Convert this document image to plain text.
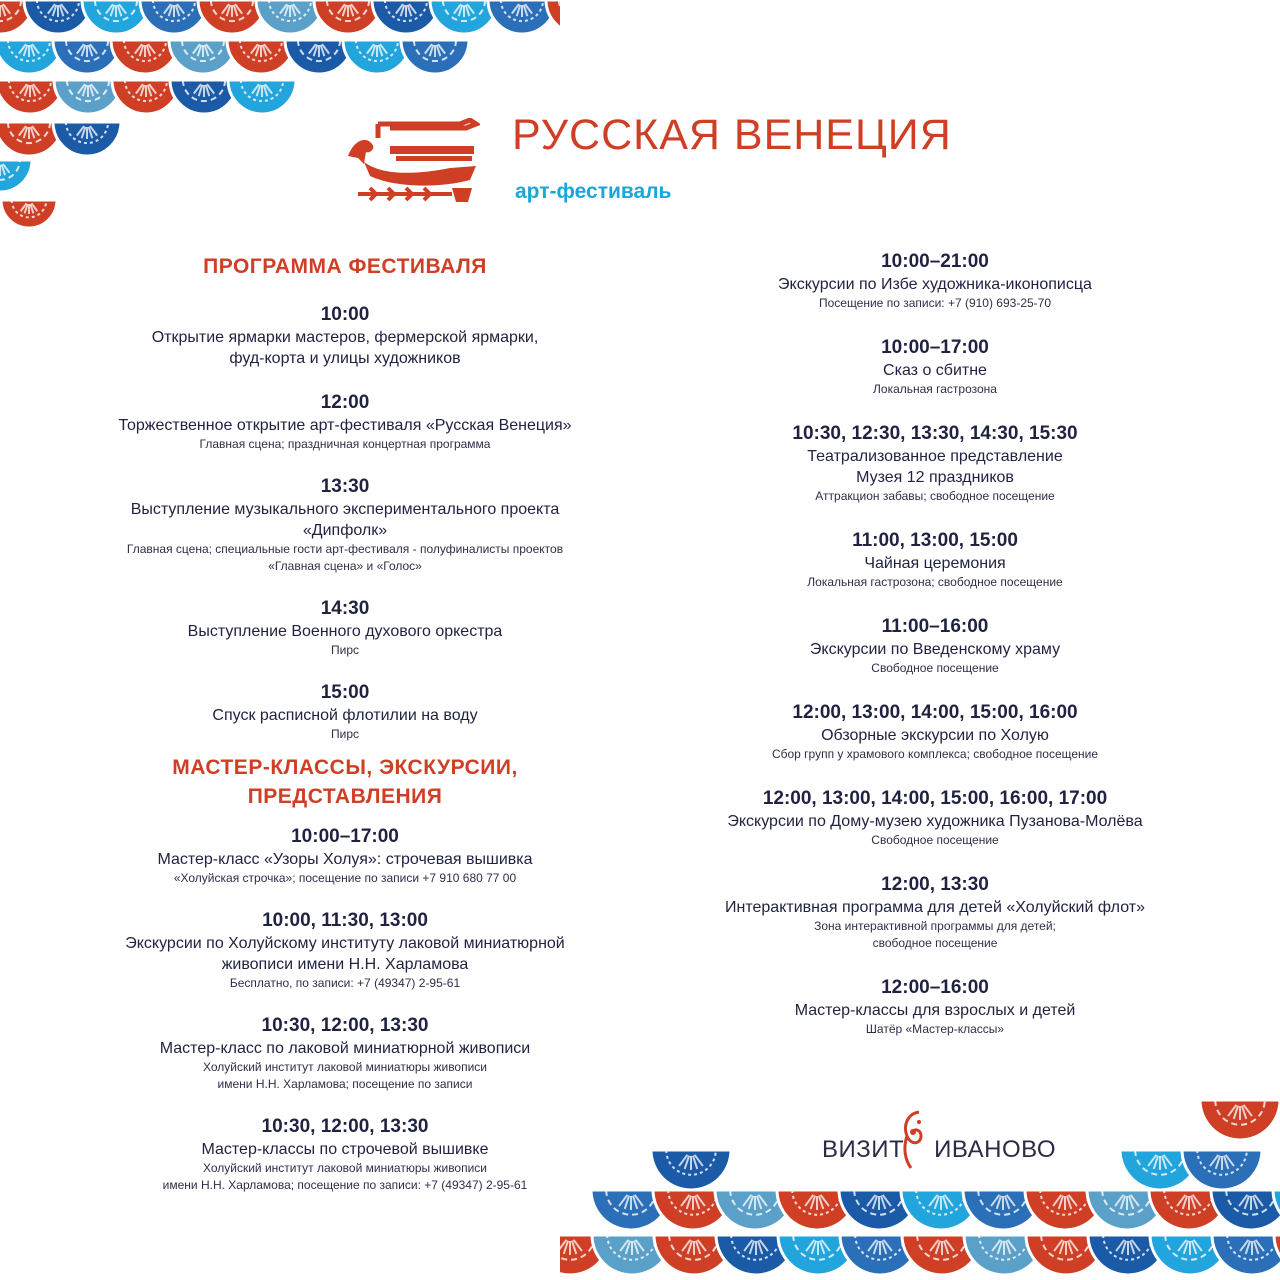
РУССКАЯ ВЕНЕЦИЯ
арт-фестиваль
ПРОГРАММА ФЕСТИВАЛЯ
10:00
Открытие ярмарки мастеров, фермерской ярмарки,
фуд-корта и улицы художников
12:00
Торжественное открытие арт-фестиваля «Русская Венеция»
Главная сцена; праздничная концертная программа
13:30
Выступление музыкального экспериментального проекта
«Дипфолк»
Главная сцена; специальные гости арт-фестиваля - полуфиналисты проектов
«Главная сцена» и «Голос»
14:30
Выступление Военного духового оркестра
Пирс
15:00
Спуск расписной флотилии на воду
Пирс
МАСТЕР-КЛАССЫ, ЭКСКУРСИИ,
ПРЕДСТАВЛЕНИЯ
10:00–17:00
Мастер-класс «Узоры Холуя»: строчевая вышивка
«Холуйская строчка»; посещение по записи +7 910 680 77 00
10:00, 11:30, 13:00
Экскурсии по Холуйскому институту лаковой миниатюрной
живописи имени Н.Н. Харламова
Бесплатно, по записи: +7 (49347) 2-95-61
10:30, 12:00, 13:30
Мастер-класс по лаковой миниатюрной живописи
Холуйский институт лаковой миниатюры живописи
имени Н.Н. Харламова; посещение по записи
10:30, 12:00, 13:30
Мастер-классы по строчевой вышивке
Холуйский институт лаковой миниатюры живописи
имени Н.Н. Харламова; посещение по записи: +7 (49347) 2-95-61
10:00–21:00
Экскурсии по Избе художника-иконописца
Посещение по записи: +7 (910) 693-25-70
10:00–17:00
Сказ о сбитне
Локальная гастрозона
10:30, 12:30, 13:30, 14:30, 15:30
Театрализованное представление
Музея 12 праздников
Аттракцион забавы; свободное посещение
11:00, 13:00, 15:00
Чайная церемония
Локальная гастрозона; свободное посещение
11:00–16:00
Экскурсии по Введенскому храму
Свободное посещение
12:00, 13:00, 14:00, 15:00, 16:00
Обзорные экскурсии по Холую
Сбор групп у храмового комплекса; свободное посещение
12:00, 13:00, 14:00, 15:00, 16:00, 17:00
Экскурсии по Дому-музею художника Пузанова-Молёва
Свободное посещение
12:00, 13:30
Интерактивная программа для детей «Холуйский флот»
Зона интерактивной программы для детей;
свободное посещение
12:00–16:00
Мастер-классы для взрослых и детей
Шатёр «Мастер-классы»
ВИЗИТ ИВАНОВО
